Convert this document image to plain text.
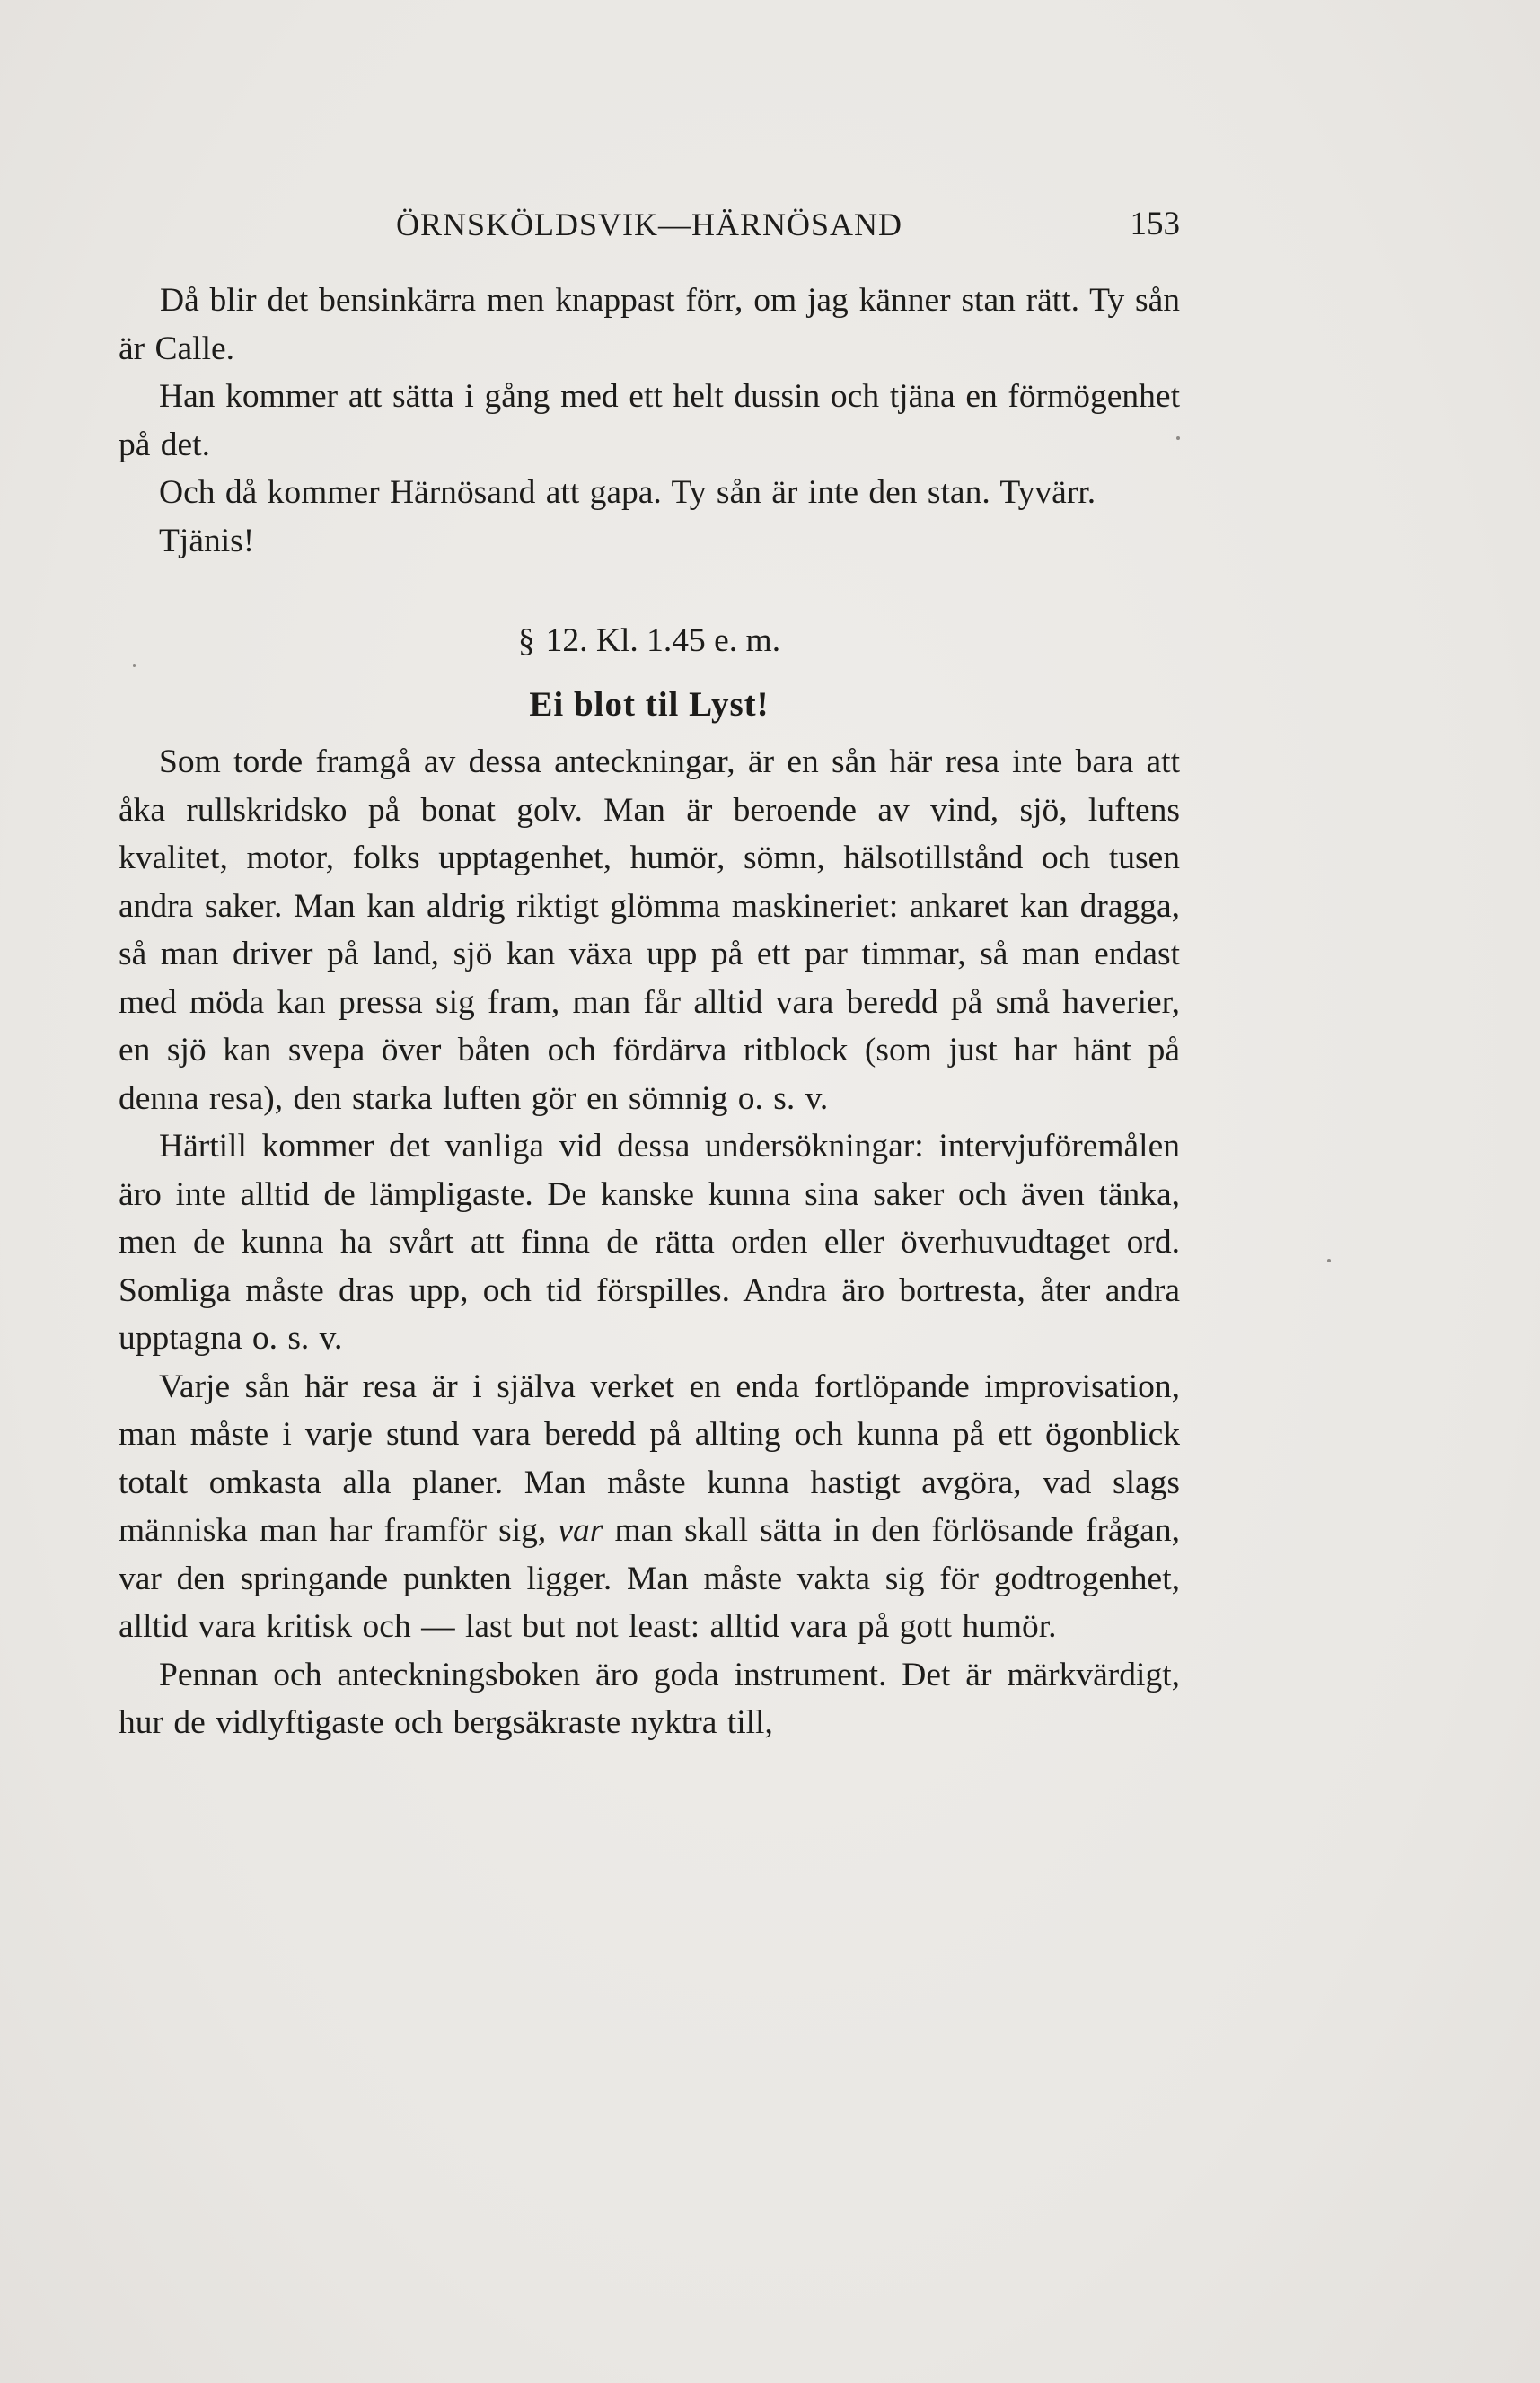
ÖRNSKÖLDSVIK—HÄRNÖSAND	153

Då blir det bensinkärra men knappast förr, om jag känner stan rätt. Ty sån är Calle.

Han kommer att sätta i gång med ett helt dussin och tjäna en förmögenhet på det.

Och då kommer Härnösand att gapa. Ty sån är inte den stan. Tyvärr.

Tjänis!

§ 12. Kl. 1.45 e. m.
Ei blot til Lyst!

Som torde framgå av dessa anteckningar, är en sån här resa inte bara att åka rullskridsko på bonat golv. Man är beroende av vind, sjö, luftens kvalitet, motor, folks upptagenhet, humör, sömn, hälsotillstånd och tusen andra saker. Man kan aldrig riktigt glömma maskineriet: ankaret kan dragga, så man driver på land, sjö kan växa upp på ett par timmar, så man endast med möda kan pressa sig fram, man får alltid vara beredd på små haverier, en sjö kan svepa över båten och fördärva ritblock (som just har hänt på denna resa), den starka luften gör en sömnig o. s. v.

Härtill kommer det vanliga vid dessa undersökningar: intervjuföremålen äro inte alltid de lämpligaste. De kanske kunna sina saker och även tänka, men de kunna ha svårt att finna de rätta orden eller överhuvudtaget ord. Somliga måste dras upp, och tid förspilles. Andra äro bortresta, åter andra upptagna o. s. v.

Varje sån här resa är i själva verket en enda fortlöpande improvisation, man måste i varje stund vara beredd på allting och kunna på ett ögonblick totalt omkasta alla planer. Man måste kunna hastigt avgöra, vad slags människa man har framför sig, var man skall sätta in den förlösande frågan, var den springande punkten ligger. Man måste vakta sig för godtrogenhet, alltid vara kritisk och — last but not least: alltid vara på gott humör.

Pennan och anteckningsboken äro goda instrument. Det är märkvärdigt, hur de vidlyftigaste och bergsäkraste nyktra till,
